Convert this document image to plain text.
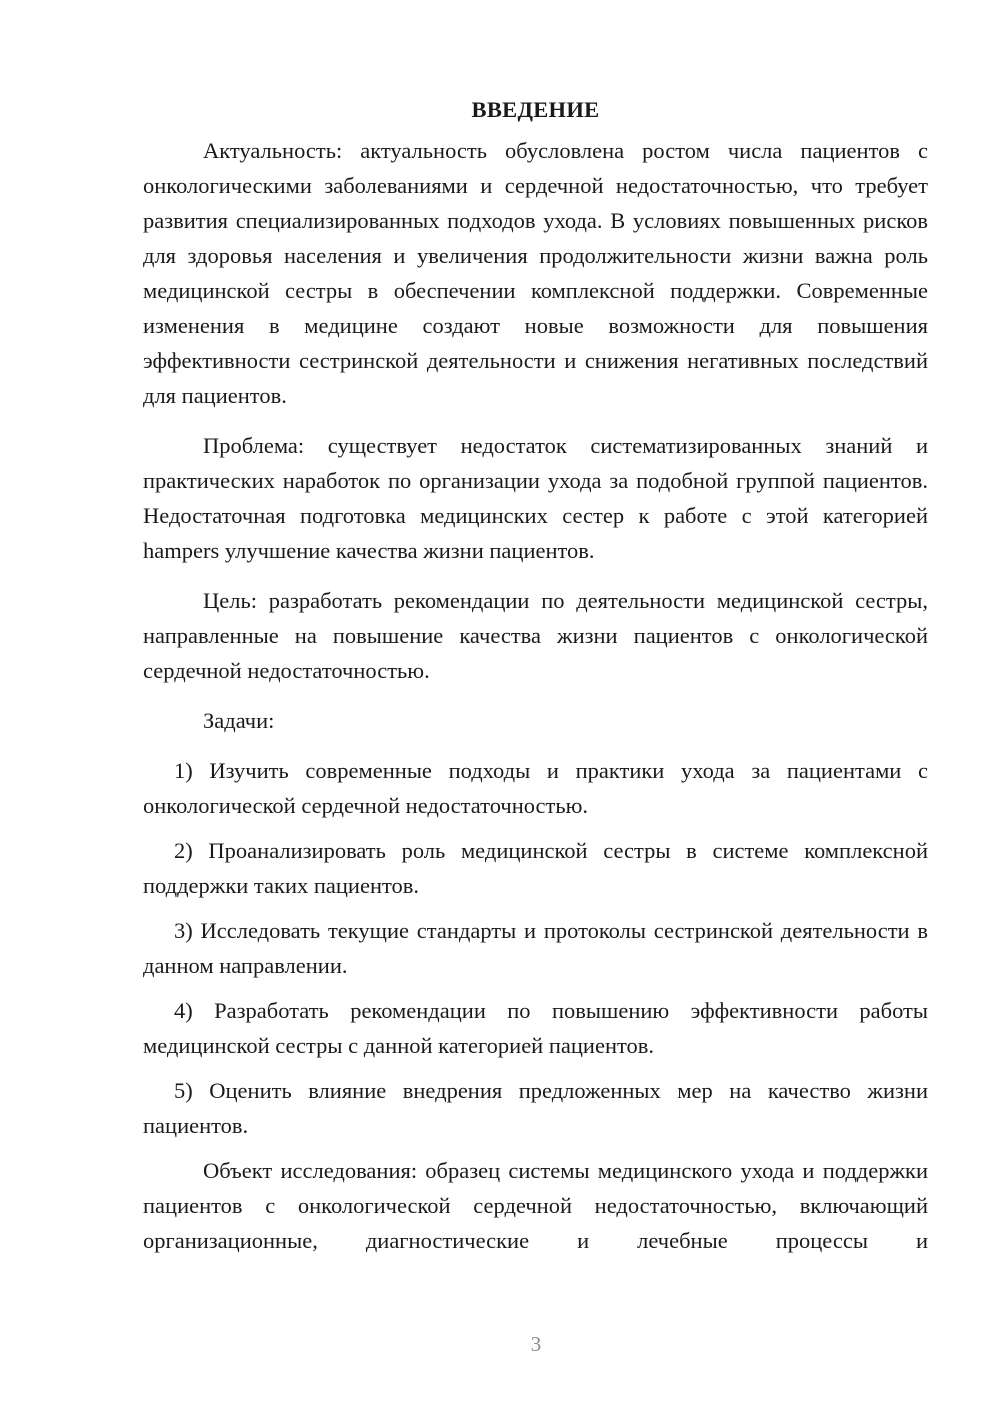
ВВЕДЕНИЕ

Актуальность: актуальность обусловлена ростом числа пациентов с онкологическими заболеваниями и сердечной недостаточностью, что требует развития специализированных подходов ухода. В условиях повышенных рисков для здоровья населения и увеличения продолжительности жизни важна роль медицинской сестры в обеспечении комплексной поддержки. Современные изменения в медицине создают новые возможности для повышения эффективности сестринской деятельности и снижения негативных последствий для пациентов.

Проблема: существует недостаток систематизированных знаний и практических наработок по организации ухода за подобной группой пациентов. Недостаточная подготовка медицинских сестер к работе с этой категорией hampers улучшение качества жизни пациентов.

Цель: разработать рекомендации по деятельности медицинской сестры, направленные на повышение качества жизни пациентов с онкологической сердечной недостаточностью.

Задачи:

1) Изучить современные подходы и практики ухода за пациентами с онкологической сердечной недостаточностью.

2) Проанализировать роль медицинской сестры в системе комплексной поддержки таких пациентов.

3) Исследовать текущие стандарты и протоколы сестринской деятельности в данном направлении.

4) Разработать рекомендации по повышению эффективности работы медицинской сестры с данной категорией пациентов.

5) Оценить влияние внедрения предложенных мер на качество жизни пациентов.

Объект исследования: образец системы медицинского ухода и поддержки пациентов с онкологической сердечной недостаточностью, включающий организационные, диагностические и лечебные процессы и

3
